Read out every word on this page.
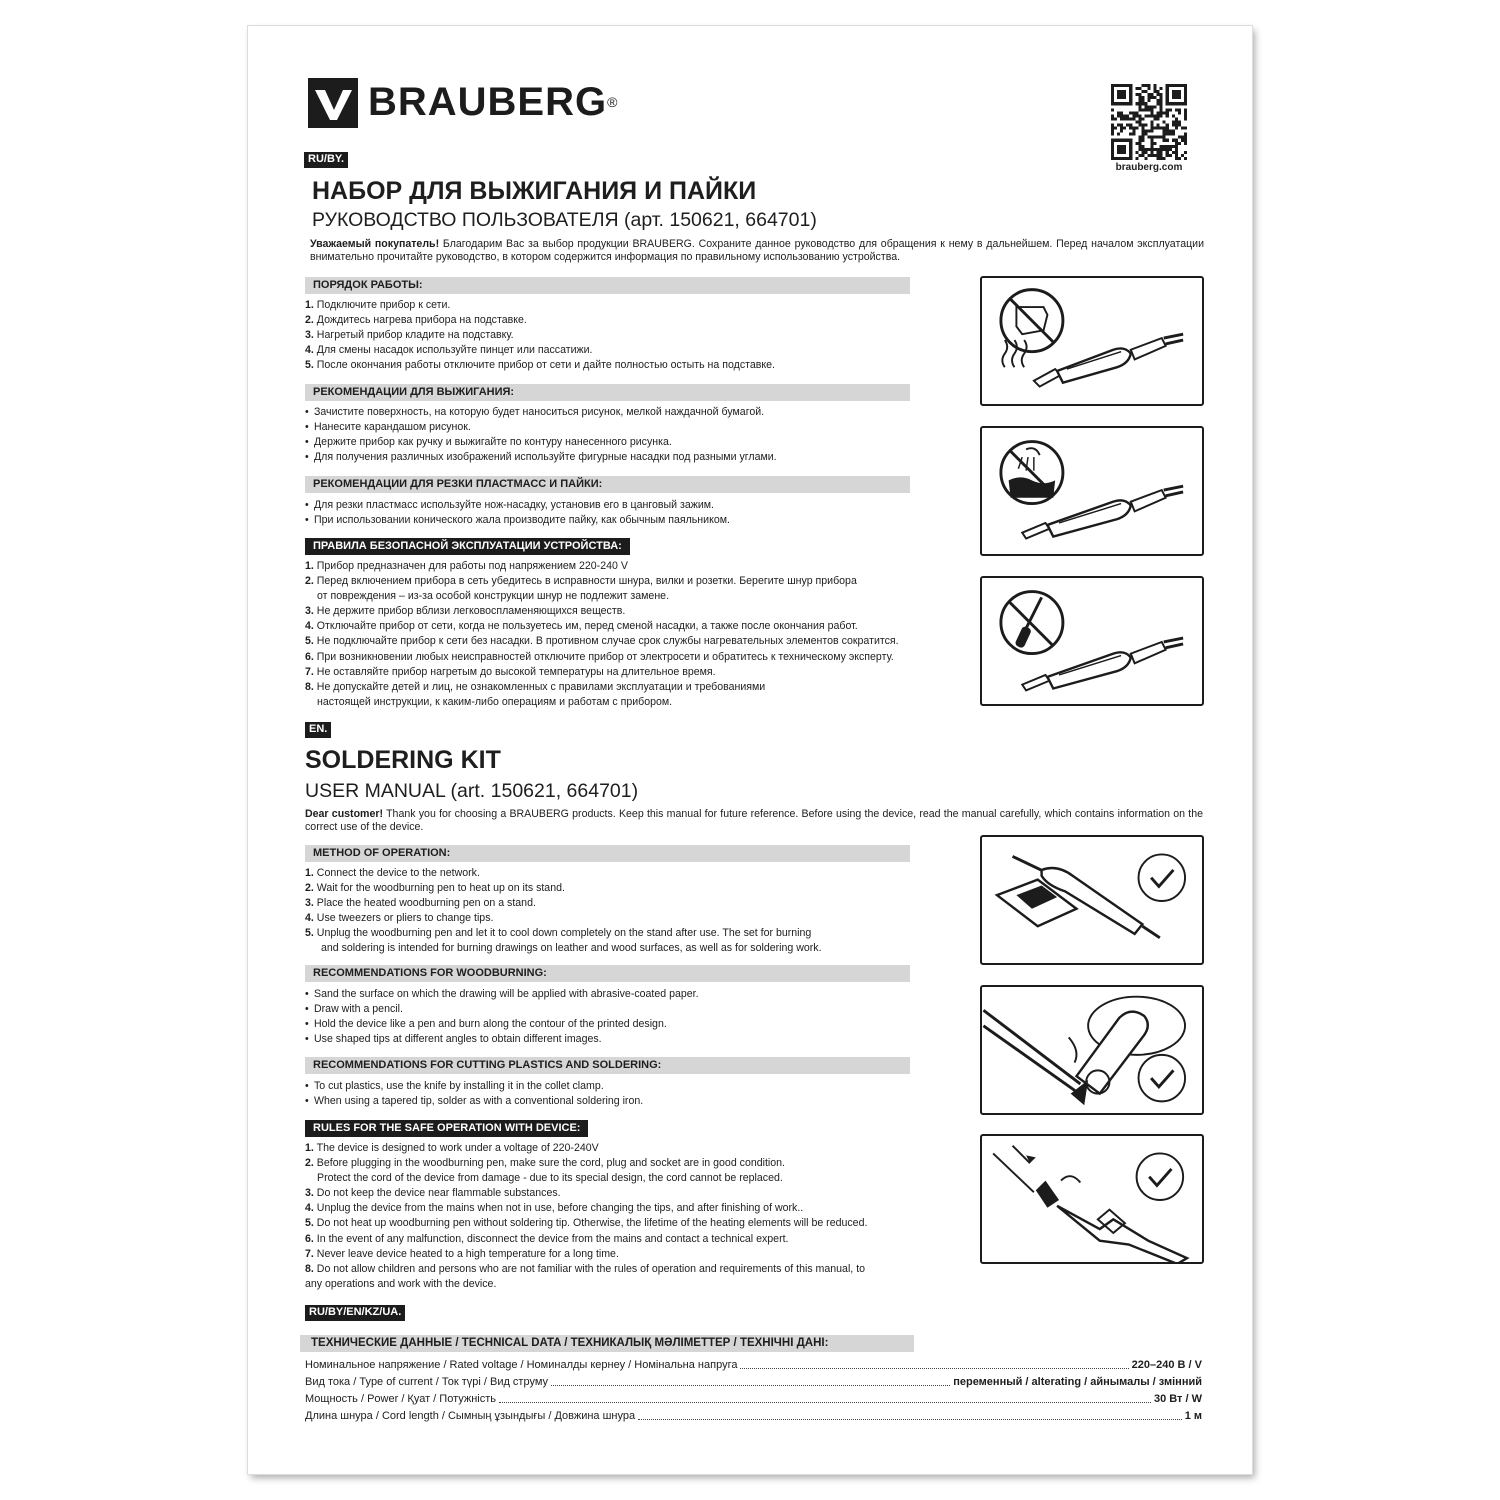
BRAUBERG®
brauberg.com
RU/BY.
НАБОР ДЛЯ ВЫЖИГАНИЯ И ПАЙКИ
РУКОВОДСТВО ПОЛЬЗОВАТЕЛЯ (арт. 150621, 664701)
Уважаемый покупатель! Благодарим Вас за выбор продукции BRAUBERG. Сохраните данное руководство для обращения к нему в дальнейшем. Перед началом эксплуатации внимательно прочитайте руководство, в котором содержится информация по правильному использованию устройства.
ПОРЯДОК РАБОТЫ:
1. Подключите прибор к сети.
2. Дождитесь нагрева прибора на подставке.
3. Нагретый прибор кладите на подставку.
4. Для смены насадок используйте пинцет или пассатижи.
5. После окончания работы отключите прибор от сети и дайте полностью остыть на подставке.
РЕКОМЕНДАЦИИ ДЛЯ ВЫЖИГАНИЯ:
• Зачистите поверхность, на которую будет наноситься рисунок, мелкой наждачной бумагой.
• Нанесите карандашом рисунок.
• Держите прибор как ручку и выжигайте по контуру нанесенного рисунка.
• Для получения различных изображений используйте фигурные насадки под разными углами.
РЕКОМЕНДАЦИИ ДЛЯ РЕЗКИ ПЛАСТМАСС И ПАЙКИ:
• Для резки пластмасс используйте нож-насадку, установив его в цанговый зажим.
• При использовании конического жала производите пайку, как обычным паяльником.
ПРАВИЛА БЕЗОПАСНОЙ ЭКСПЛУАТАЦИИ УСТРОЙСТВА:
1. Прибор предназначен для работы под напряжением 220-240 V
2. Перед включением прибора в сеть убедитесь в исправности шнура, вилки и розетки. Берегите шнур прибора
от повреждения – из-за особой конструкции шнур не подлежит замене.
3. Не держите прибор вблизи легковоспламеняющихся веществ.
4. Отключайте прибор от сети, когда не пользуетесь им, перед сменой насадки, а также после окончания работ.
5. Не подключайте прибор к сети без насадки. В противном случае срок службы нагревательных элементов сократится.
6. При возникновении любых неисправностей отключите прибор от электросети и обратитесь к техническому эксперту.
7. Не оставляйте прибор нагретым до высокой температуры на длительное время.
8. Не допускайте детей и лиц, не ознакомленных с правилами эксплуатации и требованиями
настоящей инструкции, к каким-либо операциям и работам с прибором.
EN.
SOLDERING KIT
USER MANUAL (art. 150621, 664701)
Dear customer! Thank you for choosing a BRAUBERG products. Keep this manual for future reference. Before using the device, read the manual carefully, which contains information on the correct use of the device.
METHOD OF OPERATION:
1. Connect the device to the network.
2. Wait for the woodburning pen to heat up on its stand.
3. Place the heated woodburning pen on a stand.
4. Use tweezers or pliers to change tips.
5. Unplug the woodburning pen and let it to cool down completely on the stand after use. The set for burning
and soldering is intended for burning drawings on leather and wood surfaces, as well as for soldering work.
RECOMMENDATIONS FOR WOODBURNING:
• Sand the surface on which the drawing will be applied with abrasive-coated paper.
• Draw with a pencil.
• Hold the device like a pen and burn along the contour of the printed design.
• Use shaped tips at different angles to obtain different images.
RECOMMENDATIONS FOR CUTTING PLASTICS AND SOLDERING:
• To cut plastics, use the knife by installing it in the collet clamp.
• When using a tapered tip, solder as with a conventional soldering iron.
RULES FOR THE SAFE OPERATION WITH DEVICE:
1. The device is designed to work under a voltage of 220-240V
2. Before plugging in the woodburning pen, make sure the cord, plug and socket are in good condition.
Protect the cord of the device from damage - due to its special design, the cord cannot be replaced.
3. Do not keep the device near flammable substances.
4. Unplug the device from the mains when not in use, before changing the tips, and after finishing of work..
5. Do not heat up woodburning pen without soldering tip. Otherwise, the lifetime of the heating elements will be reduced.
6. In the event of any malfunction, disconnect the device from the mains and contact a technical expert.
7. Never leave device heated to a high temperature for a long time.
8. Do not allow children and persons who are not familiar with the rules of operation and requirements of this manual, to
any operations and work with the device.
RU/BY/EN/KZ/UA.
ТЕХНИЧЕСКИЕ ДАННЫЕ / TECHNICAL DATA / ТЕХНИКАЛЫҚ МӘЛІМЕТТЕР / ТЕХНІЧНІ ДАНІ:
Номинальное напряжение / Rated voltage / Номиналды кернеу / Номінальна напруга	220–240 В / V
Вид тока / Type of current / Ток түрі / Вид струму	переменный / alterating / айнымалы / змінний
Мощность / Power / Қуат / Потужність	30 Вт / W
Длина шнура / Cord length / Сымның ұзындығы / Довжина шнура	1 м
